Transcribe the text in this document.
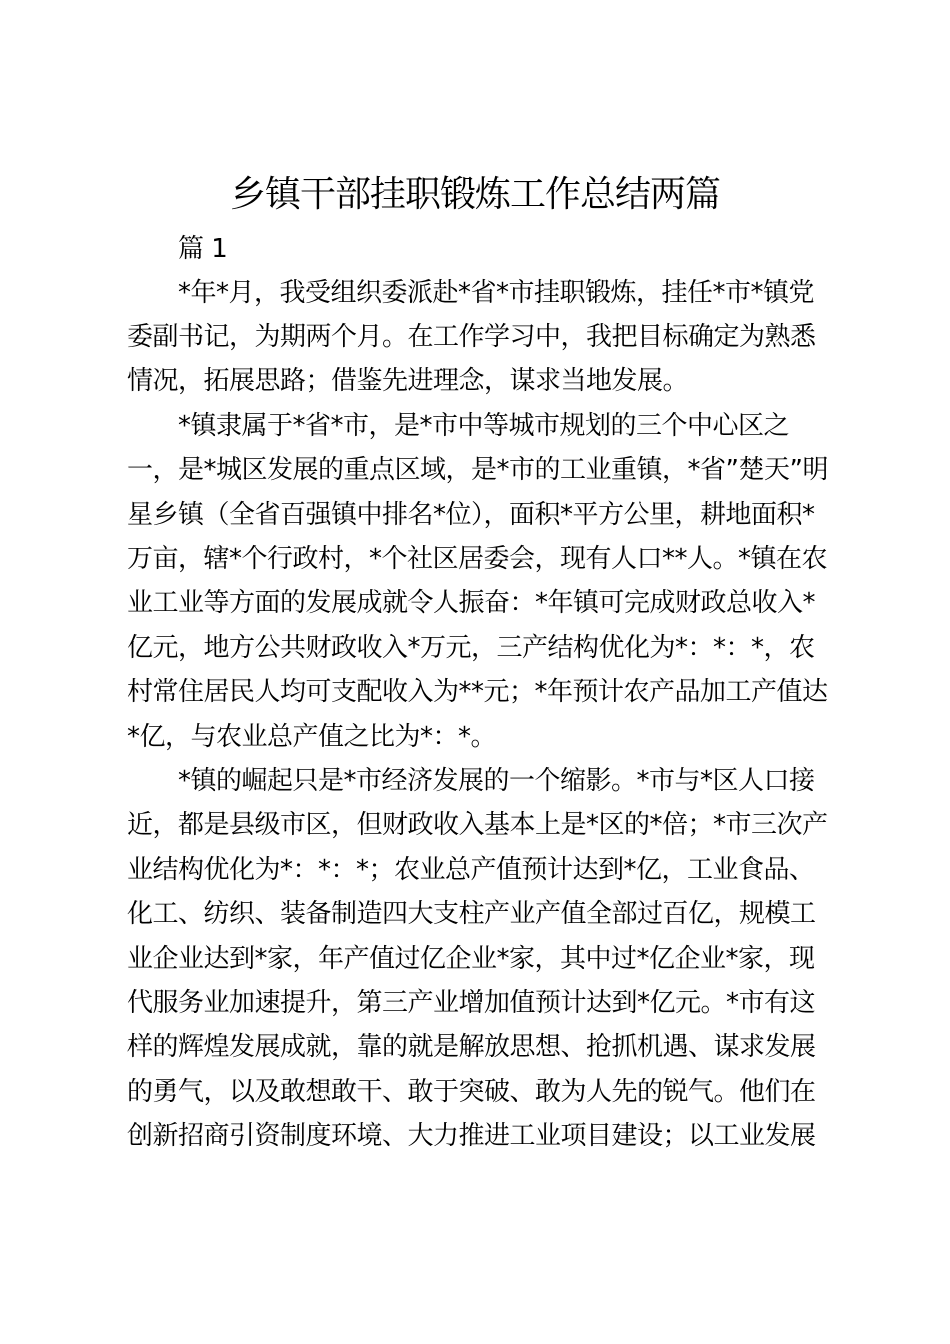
乡镇干部挂职锻炼工作总结两篇
篇 1
*年*月，我受组织委派赴*省*市挂职锻炼，挂任*市*镇党
委副书记，为期两个月。在工作学习中，我把目标确定为熟悉
情况，拓展思路；借鉴先进理念，谋求当地发展。
*镇隶属于*省*市，是*市中等城市规划的三个中心区之
一，是*城区发展的重点区域，是*市的工业重镇，*省”楚天”明
星乡镇（全省百强镇中排名*位），面积*平方公里，耕地面积*
万亩，辖*个行政村，*个社区居委会，现有人口**人。*镇在农
业工业等方面的发展成就令人振奋：*年镇可完成财政总收入*
亿元，地方公共财政收入*万元，三产结构优化为*：*：*，农
村常住居民人均可支配收入为**元；*年预计农产品加工产值达
*亿，与农业总产值之比为*：*。
*镇的崛起只是*市经济发展的一个缩影。*市与*区人口接
近，都是县级市区，但财政收入基本上是*区的*倍；*市三次产
业结构优化为*：*：*；农业总产值预计达到*亿，工业食品、
化工、纺织、装备制造四大支柱产业产值全部过百亿，规模工
业企业达到*家，年产值过亿企业*家，其中过*亿企业*家，现
代服务业加速提升，第三产业增加值预计达到*亿元。*市有这
样的辉煌发展成就，靠的就是解放思想、抢抓机遇、谋求发展
的勇气，以及敢想敢干、敢于突破、敢为人先的锐气。他们在
创新招商引资制度环境、大力推进工业项目建设；以工业发展
